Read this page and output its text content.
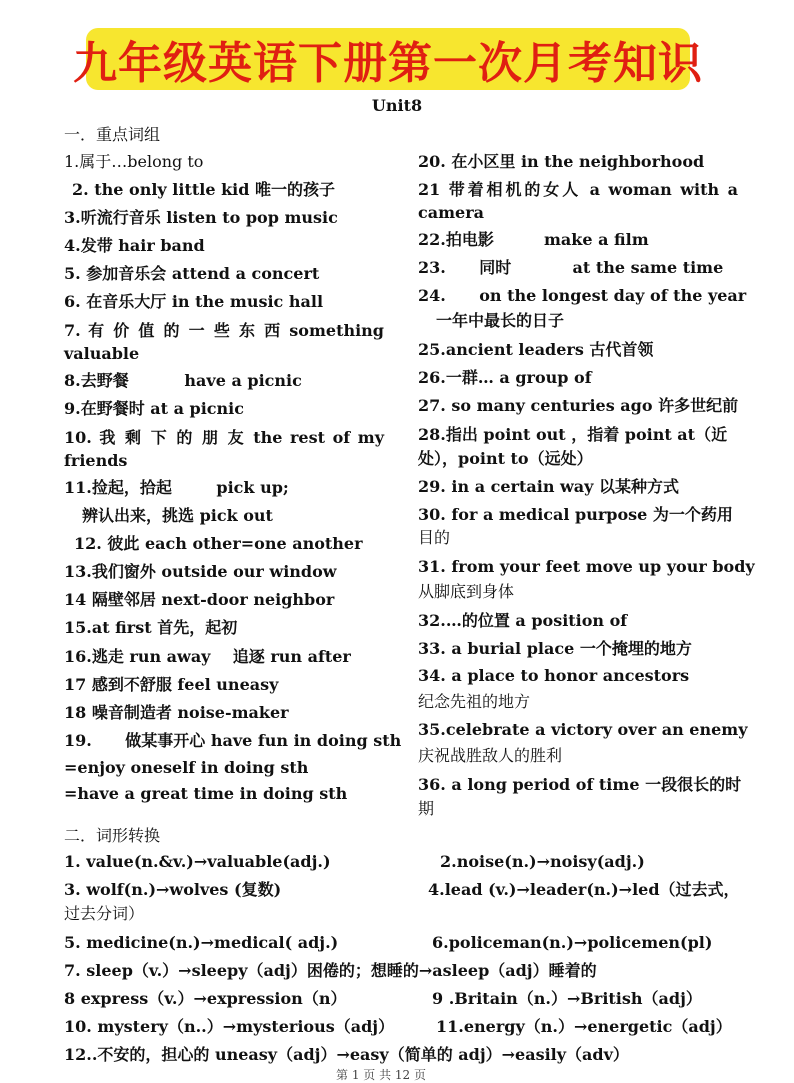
九年级英语下册第一次月考知识
Unit8
一．重点词组
1.属于…belong to
2. the only little kid 唯一的孩子
3.听流行音乐 listen to pop music
4.发带 hair band
5. 参加音乐会 attend a concert
6. 在音乐大厅 in the music hall
7. 有 价 值 的 一 些 东 西 something
valuable
8.去野餐          have a picnic
9.在野餐时 at a picnic
10. 我 剩 下 的 朋 友 the rest of my
friends
11.捡起，拾起        pick up;
辨认出来，挑选 pick out
12. 彼此 each other=one another
13.我们窗外 outside our window
14 隔壁邻居 next-door neighbor
15.at first 首先，起初
16.逃走 run away    追逐 run after
17 感到不舒服 feel uneasy
18 噪音制造者 noise-maker
19.      做某事开心 have fun in doing sth
=enjoy oneself in doing sth
=have a great time in doing sth
20. 在小区里 in the neighborhood
21 带着相机的女人 a woman with a
camera
22.拍电影         make a film
23.      同时           at the same time
24.      on the longest day of the year
一年中最长的日子
25.ancient leaders 古代首领
26.一群… a group of
27. so many centuries ago 许多世纪前
28.指出 point out ，指着 point at（近
处），point to（远处）
29. in a certain way 以某种方式
30. for a medical purpose 为一个药用
目的
31. from your feet move up your body
从脚底到身体
32.…的位置 a position of
33. a burial place 一个掩埋的地方
34. a place to honor ancestors
纪念先祖的地方
35.celebrate a victory over an enemy
庆祝战胜敌人的胜利
36. a long period of time 一段很长的时
期
二．词形转换
1. value(n.&v.)→valuable(adj.)	2.noise(n.)→noisy(adj.)
3. wolf(n.)→wolves (复数)	4.lead (v.)→leader(n.)→led（过去式，
过去分词）
5. medicine(n.)→medical( adj.)	6.policeman(n.)→policemen(pl)
7. sleep（v.）→sleepy（adj）困倦的；想睡的→asleep（adj）睡着的
8 express（v.）→expression（n）	9 .Britain（n.）→British（adj）
10. mystery（n..）→mysterious（adj）	11.energy（n.）→energetic（adj）
12..不安的，担心的 uneasy（adj）→easy（简单的 adj）→easily（adv）
第 1 页 共 12 页
